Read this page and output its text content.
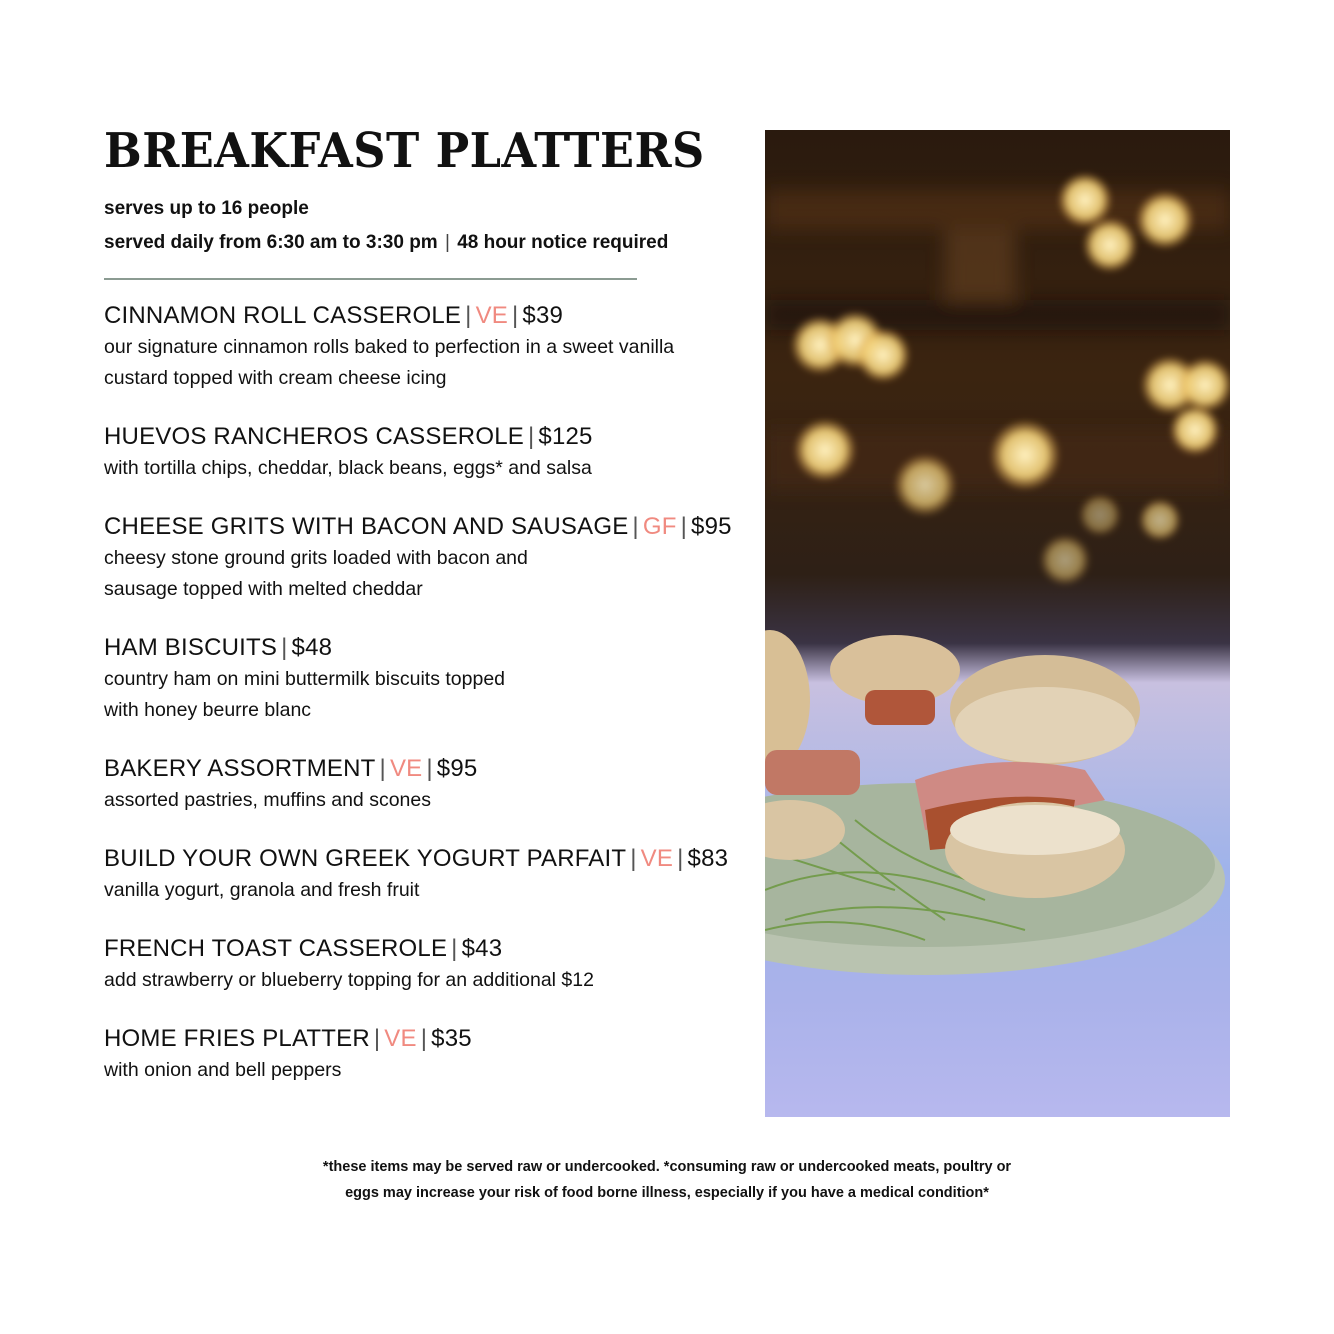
BREAKFAST PLATTERS
serves up to 16 people
served daily from 6:30 am to 3:30 pm | 48 hour notice required
CINNAMON ROLL CASSEROLE | VE | $39
our signature cinnamon rolls baked to perfection in a sweet vanilla
custard topped with cream cheese icing
HUEVOS RANCHEROS CASSEROLE | $125
with tortilla chips, cheddar, black beans, eggs* and salsa
CHEESE GRITS WITH BACON AND SAUSAGE | GF | $95
cheesy stone ground grits loaded with bacon and
sausage topped with melted cheddar
HAM BISCUITS | $48
country ham on mini buttermilk biscuits topped
with honey beurre blanc
BAKERY ASSORTMENT | VE | $95
assorted pastries, muffins and scones
BUILD YOUR OWN GREEK YOGURT PARFAIT | VE | $83
vanilla yogurt, granola and fresh fruit
FRENCH TOAST CASSEROLE | $43
add strawberry or blueberry topping for an additional $12
HOME FRIES PLATTER | VE | $35
with onion and bell peppers
*these items may be served raw or undercooked. *consuming raw or undercooked meats, poultry or
eggs may increase your risk of food borne illness, especially if you have a medical condition*
